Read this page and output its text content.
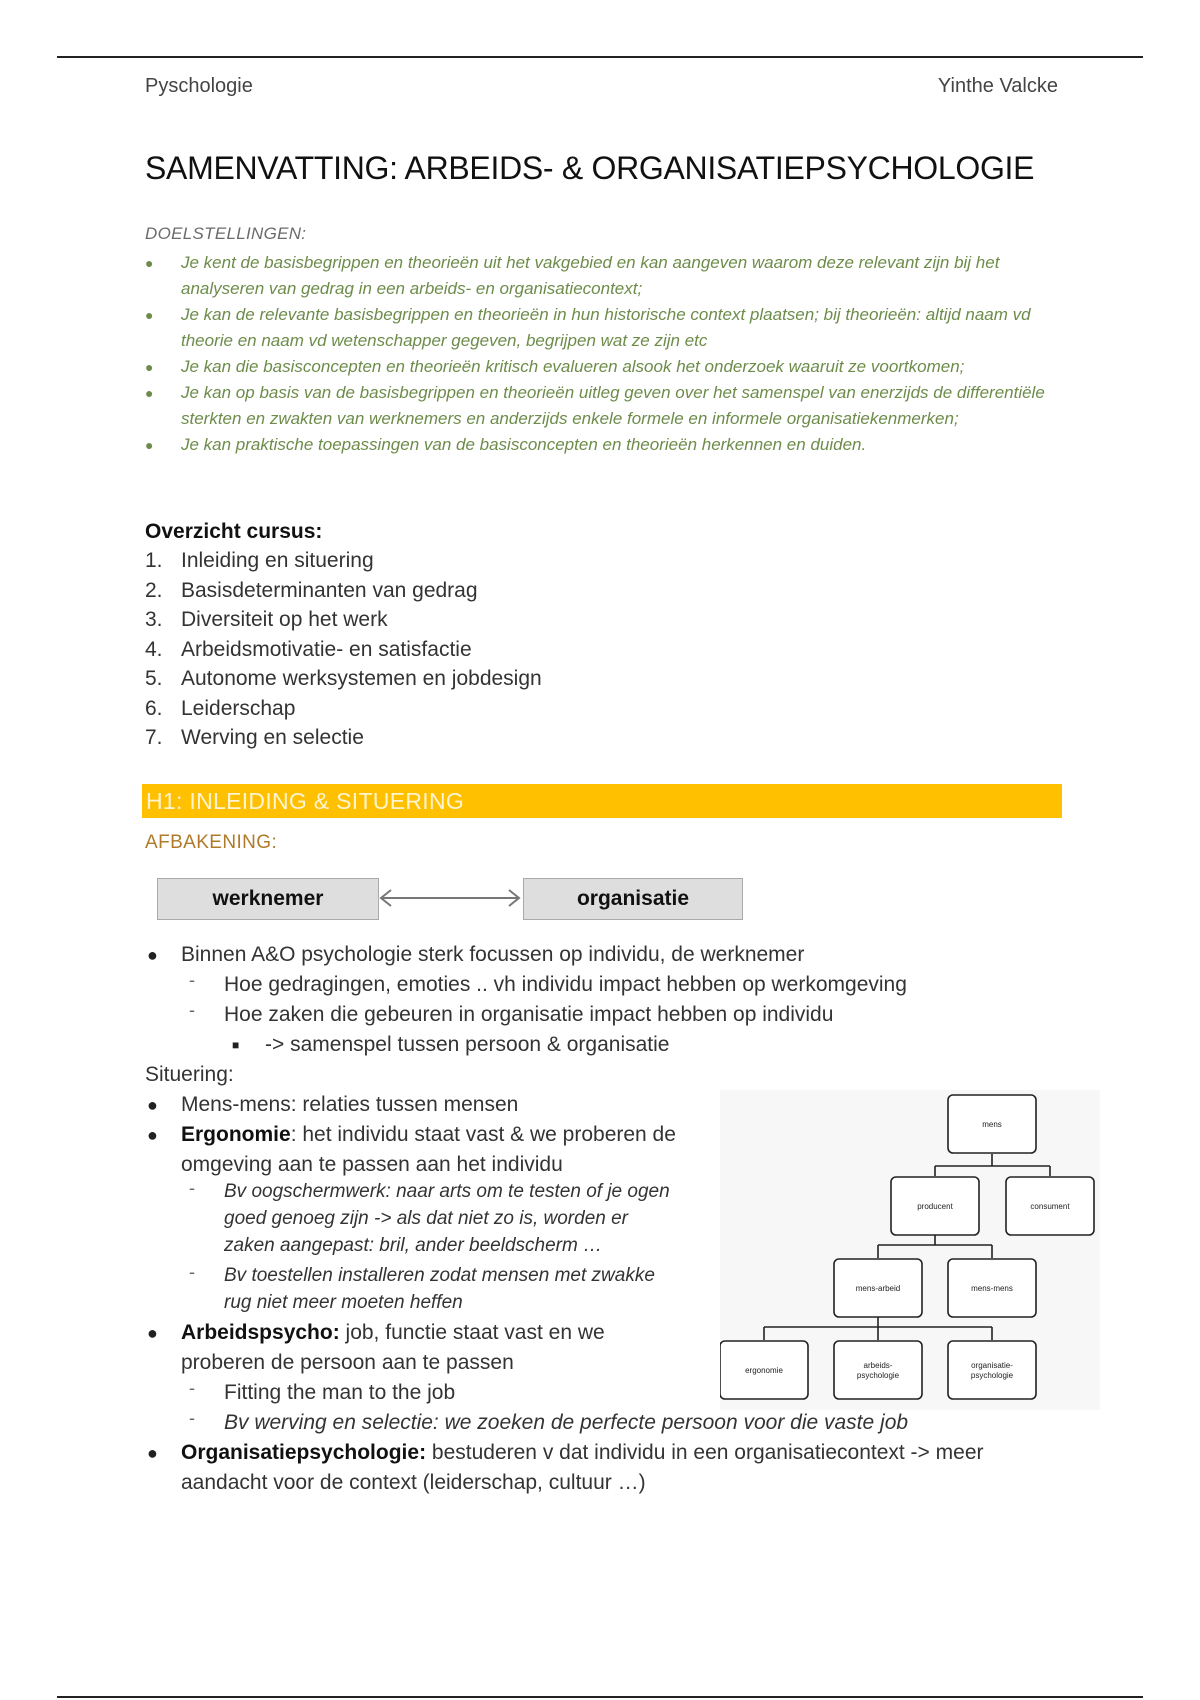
Pyschologie	Yinthe Valcke
SAMENVATTING: ARBEIDS- & ORGANISATIEPSYCHOLOGIE
DOELSTELLINGEN:
● Je kent de basisbegrippen en theorieën uit het vakgebied en kan aangeven waarom deze relevant zijn bij het analyseren van gedrag in een arbeids- en organisatiecontext;
● Je kan de relevante basisbegrippen en theorieën in hun historische context plaatsen; bij theorieën: altijd naam vd theorie en naam vd wetenschapper gegeven, begrijpen wat ze zijn etc
● Je kan die basisconcepten en theorieën kritisch evalueren alsook het onderzoek waaruit ze voortkomen;
● Je kan op basis van de basisbegrippen en theorieën uitleg geven over het samenspel van enerzijds de differentiële sterkten en zwakten van werknemers en anderzijds enkele formele en informele organisatiekenmerken;
● Je kan praktische toepassingen van de basisconcepten en theorieën herkennen en duiden.
Overzicht cursus:
1. Inleiding en situering
2. Basisdeterminanten van gedrag
3. Diversiteit op het werk
4. Arbeidsmotivatie- en satisfactie
5. Autonome werksystemen en jobdesign
6. Leiderschap
7. Werving en selectie
H1: INLEIDING & SITUERING
AFBAKENING:
werknemer	organisatie
● Binnen A&O psychologie sterk focussen op individu, de werknemer
- Hoe gedragingen, emoties .. vh individu impact hebben op werkomgeving
- Hoe zaken die gebeuren in organisatie impact hebben op individu
■ -> samenspel tussen persoon & organisatie
Situering:
● Mens-mens: relaties tussen mensen
● Ergonomie: het individu staat vast & we proberen de
omgeving aan te passen aan het individu
- Bv oogschermwerk: naar arts om te testen of je ogen
goed genoeg zijn -> als dat niet zo is, worden er
zaken aangepast: bril, ander beeldscherm …
- Bv toestellen installeren zodat mensen met zwakke
rug niet meer moeten heffen
● Arbeidspsycho: job, functie staat vast en we
proberen de persoon aan te passen
- Fitting the man to the job
- Bv werving en selectie: we zoeken de perfecte persoon voor die vaste job
● Organisatiepsychologie: bestuderen v dat individu in een organisatiecontext -> meer
aandacht voor de context (leiderschap, cultuur …)
mens
producent	consument
mens-arbeid	mens-mens
ergonomie
arbeids-
psychologie
organisatie-
psychologie
